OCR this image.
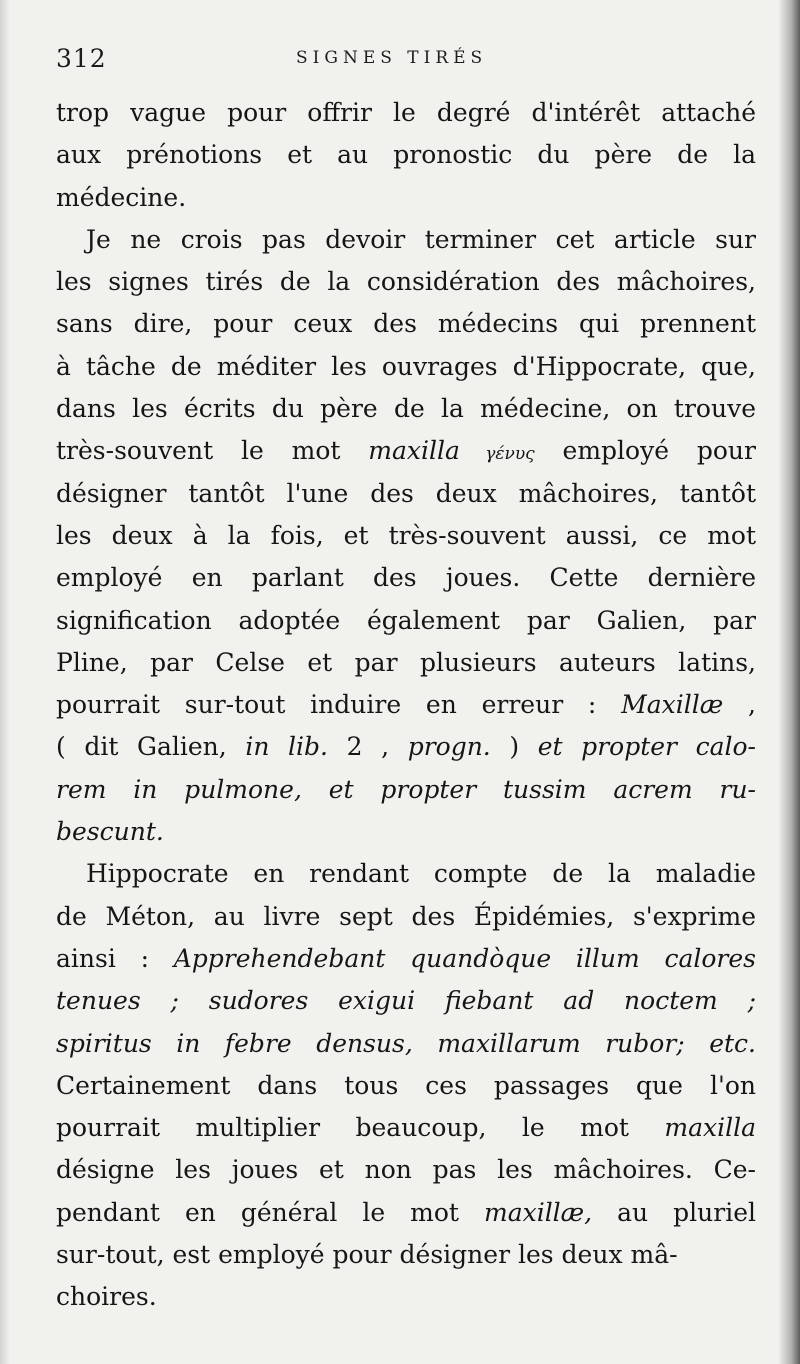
312	SIGNES TIRÉS
trop vague pour offrir le degré d'intérêt attaché
aux prénotions et au pronostic du père de la
médecine.
Je ne crois pas devoir terminer cet article sur
les signes tirés de la considération des mâchoires,
sans dire, pour ceux des médecins qui prennent
à tâche de méditer les ouvrages d'Hippocrate, que,
dans les écrits du père de la médecine, on trouve
très-souvent le mot maxilla γένυς employé pour
désigner tantôt l'une des deux mâchoires, tantôt
les deux à la fois, et très-souvent aussi, ce mot
employé en parlant des joues. Cette dernière
signification adoptée également par Galien, par
Pline, par Celse et par plusieurs auteurs latins,
pourrait sur-tout induire en erreur : Maxillæ ,
( dit Galien, in lib. 2 , progn. ) et propter calo-
rem in pulmone, et propter tussim acrem ru-
bescunt.
Hippocrate en rendant compte de la maladie
de Méton, au livre sept des Épidémies, s'exprime
ainsi : Apprehendebant quandòque illum calores
tenues ; sudores exigui fiebant ad noctem ;
spiritus in febre densus, maxillarum rubor; etc.
Certainement dans tous ces passages que l'on
pourrait multiplier beaucoup, le mot maxilla
désigne les joues et non pas les mâchoires. Ce-
pendant en général le mot maxillæ, au pluriel
sur-tout, est employé pour désigner les deux mâ-
choires.
